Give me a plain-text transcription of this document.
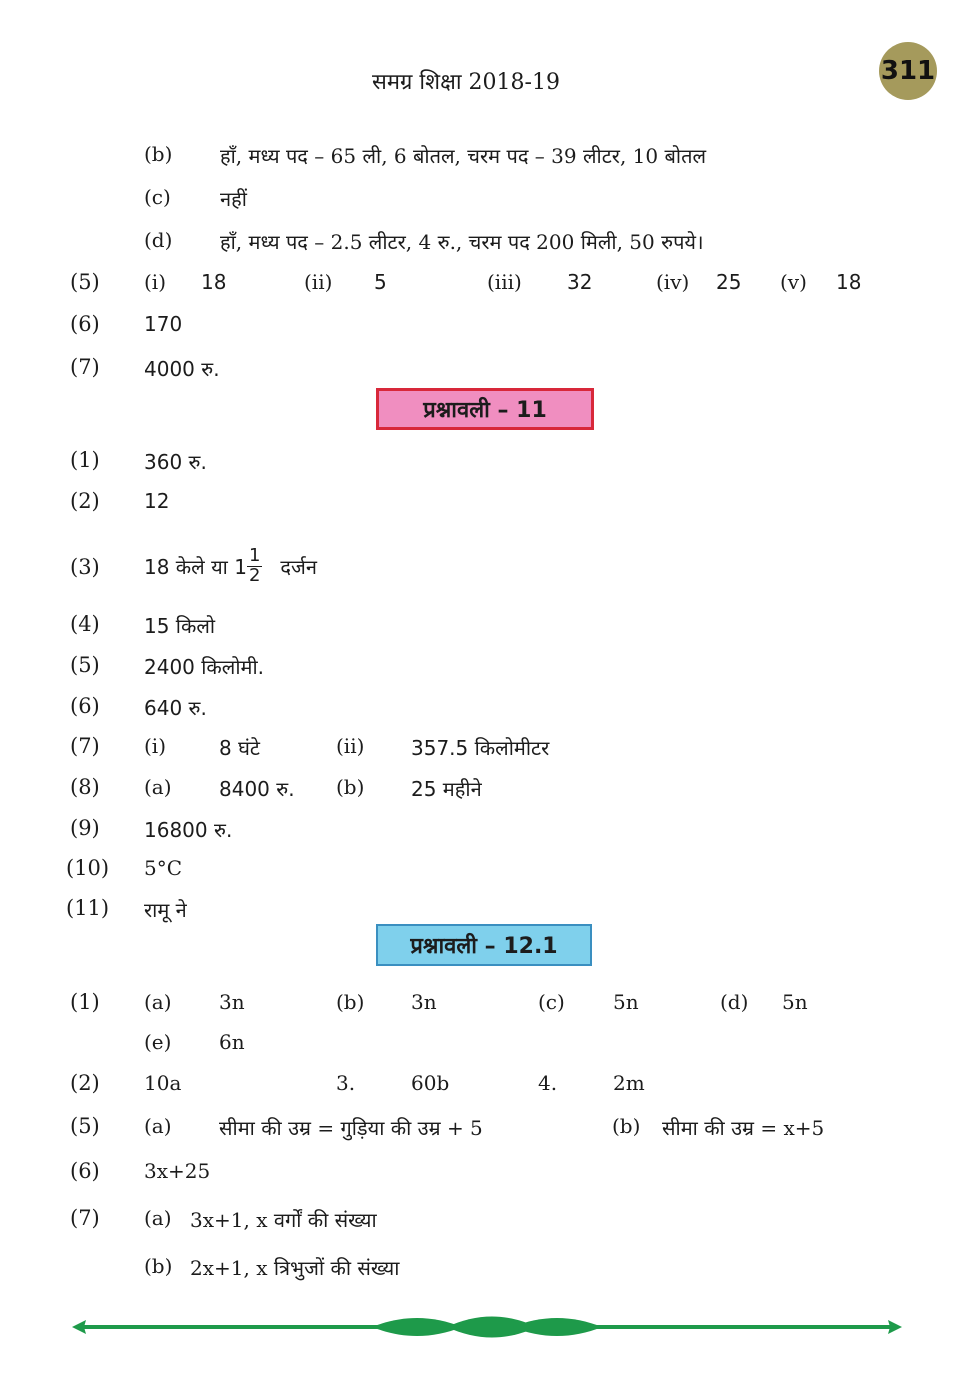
समग्र शिक्षा 2018-19	311
(b) हाँ, मध्य पद – 65 ली, 6 बोतल, चरम पद – 39 लीटर, 10 बोतल
(c) नहीं
(d) हाँ, मध्य पद – 2.5 लीटर, 4 रु., चरम पद 200 मिली, 50 रुपये।
(5) (i) 18	(ii) 5	(iii) 32	(iv) 25 (v) 18
(6) 170
(7) 4000 रु.
प्रश्नावली – 11
(1) 360 रु.
(2) 12
(3) 18 केले या $1 \frac{1}{2}$ दर्जन
(4) 15 किलो
(5) 2400 किलोमी.
(6) 640 रु.
(7) (i)	8 घंटे	(ii) 357.5 किलोमीटर
(8) (a) 8400 रु. (b) 25 महीने
(9) 16800 रु.
(10) 5°C
(11) रामू ने
प्रश्नावली – 12.1
(1) (a) 3n	(b) 3n	(c) 5n	(d) 5n
(e) 6n
(2) 10a	3.	60b	4.	2m
(5) (a) सीमा की उम्र = गुड़िया की उम्र + 5	(b) सीमा की उम्र = x+5
(6) 3x+25
(7) (a) 3x+1, x वर्गों की संख्या
(b) 2x+1, x त्रिभुजों की संख्या
